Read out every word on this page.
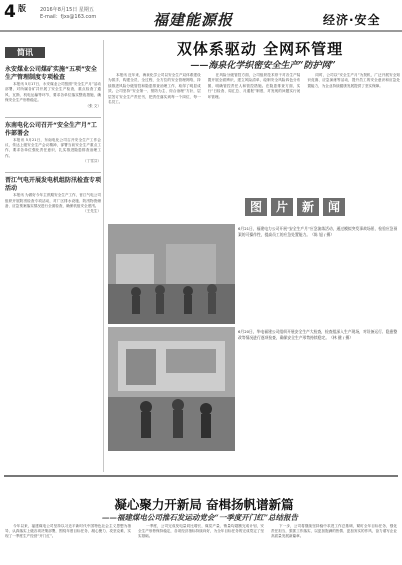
4 版	2016年8月15日 星期五
E-mail：fjxs@163.com	福建能源报	经济·安全
简讯
永安煤业公司煤矿实施“五项”安全生产管理制度专项检查
本报讯 5月17日，永安煤业公司按照“安全生产月”活动部署，对所属各矿井开展了安全生产检查，重点检查了通风、瓦斯、机电运输等环节，要求各单位落实整改措施，确保安全生产形势稳定。
（张 文）
东南电化公司召开“安全生产月”工作部署会
本报讯 5月21日，东南电化公司召开安全生产工作会议，传达上级安全生产会议精神，部署当前安全生产重点工作，要求各单位强化责任意识，扎实推进隐患排查治理工作。
（丁雪芬）
晋江气电开展发电机组防汛检查专项活动
本报讯 为做好今年主汛期安全生产工作，晋江气电公司组织开展防汛检查专项活动，对厂区排水设施、防汛物资储备、应急预案落实情况进行全面检查，确保机组安全度汛。
（王先生）
双体系驱动 全网环管理
——海泉化学织密安全生产“防护网”
本报讯 近年来，海泉化学公司以安全生产双体系建设为抓手，构建全员、全过程、全方位的安全管理网络，持续推进风险分级管控和隐患排查治理工作，取得了明显成效。公司坚持“安全第一、预防为主、综合治理”方针，层层签订安全生产责任书，把责任落实到每一个岗位、每一名员工。
在风险分级管控方面，公司组织技术骨干对各生产装置开展全面辨识，建立风险清单，绘制安全风险四色分布图，明确管控责任人和管控措施。在隐患排查方面，实行“日检查、周汇总、月通报”制度，对发现的问题实行闭环管理。
同时，公司以“安全生产月”为契机，广泛开展安全知识竞赛、应急演练等活动，提升员工的安全意识和应急处置能力，为企业持续健康发展提供了坚实保障。
图 片 新 闻
6月21日，福建电力公司开展“安全生产月”应急演练活动，通过模拟突发事故场景，检验应急预案的可操作性，提高员工的应急处置能力。（陈 旭 / 摄）
6月20日，华电福建公司组织开展安全生产大检查，检查组深入生产现场，对设备运行、隐患整改等情况进行逐项检查，确保安全生产形势持续稳定。（林 健 / 摄）
凝心聚力开新局 奋楫扬帆谱新篇
——福建煤电公司推石发运动党会“一季度开门红”总结报告
今年以来，福建煤电公司坚持以习近平新时代中国特色社会主义思想为指导，认真落实上级各项决策部署，围绕年度目标任务，凝心聚力、攻坚克难，实现了一季度生产经营“开门红”。
一季度，公司完成发电量同比增长，煤炭产量、销量均超额完成计划，安全生产形势保持稳定，各项经济指标持续向好，为全年目标任务的完成奠定了坚实基础。
下一步，公司将继续坚持稳中求进工作总基调，紧盯全年目标任务，强化责任担当，狠抓工作落实，以更加饱满的热情、更加务实的作风，奋力谱写企业高质量发展新篇章。
